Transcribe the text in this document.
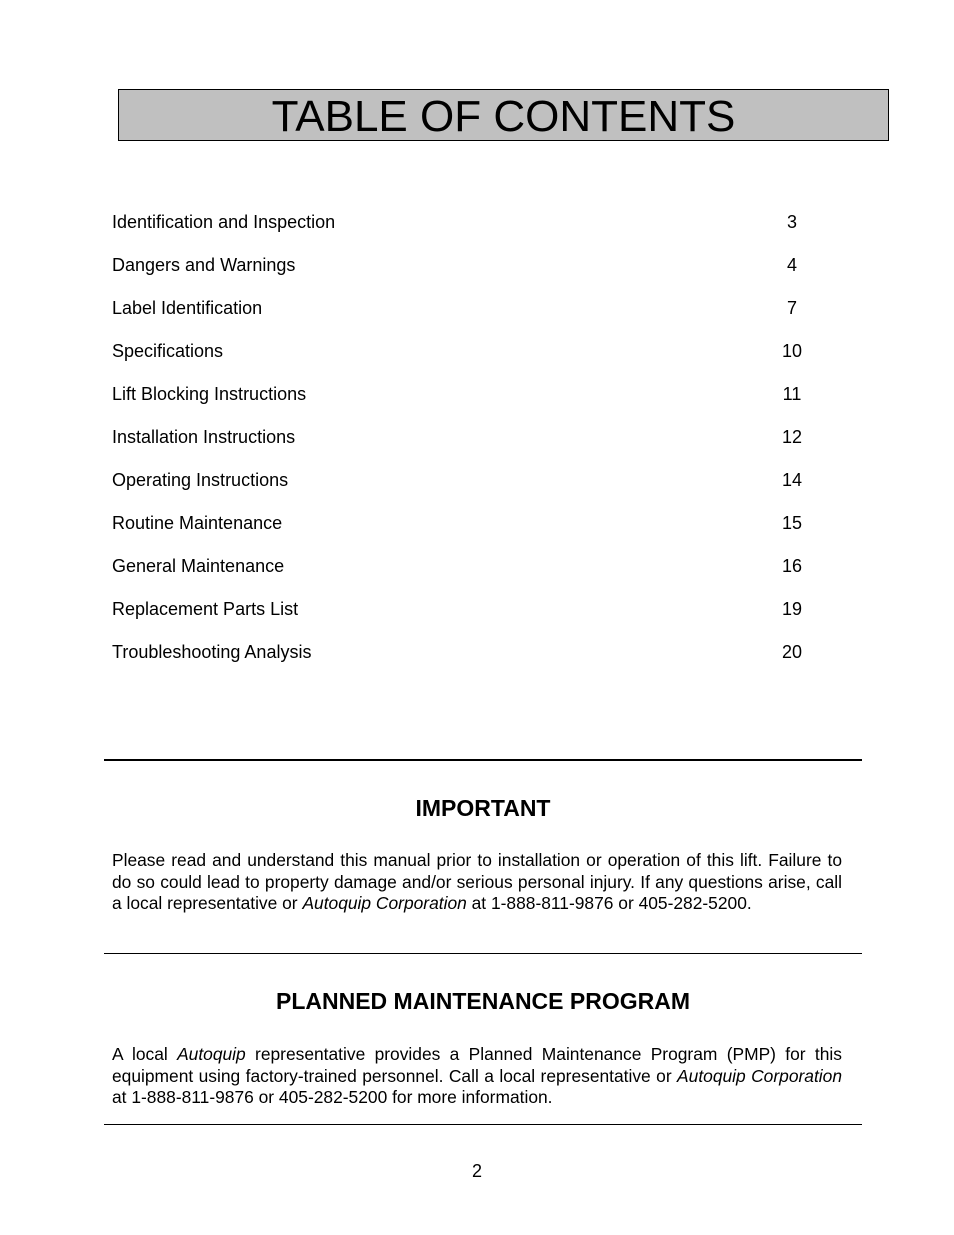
TABLE OF CONTENTS
Identification and Inspection	3
Dangers and Warnings	4
Label Identification	7
Specifications	10
Lift Blocking Instructions	11
Installation Instructions	12
Operating Instructions	14
Routine Maintenance	15
General Maintenance	16
Replacement Parts List	19
Troubleshooting Analysis	20
IMPORTANT

Please read and understand this manual prior to installation or operation of this lift. Failure to do so could lead to property damage and/or serious personal injury. If any questions arise, call a local representative or Autoquip Corporation at 1-888-811-9876 or 405-282-5200.

PLANNED MAINTENANCE PROGRAM

A local Autoquip representative provides a Planned Maintenance Program (PMP) for this equipment using factory-trained personnel. Call a local representative or Autoquip Corporation at 1-888-811-9876 or 405-282-5200 for more information.

2
